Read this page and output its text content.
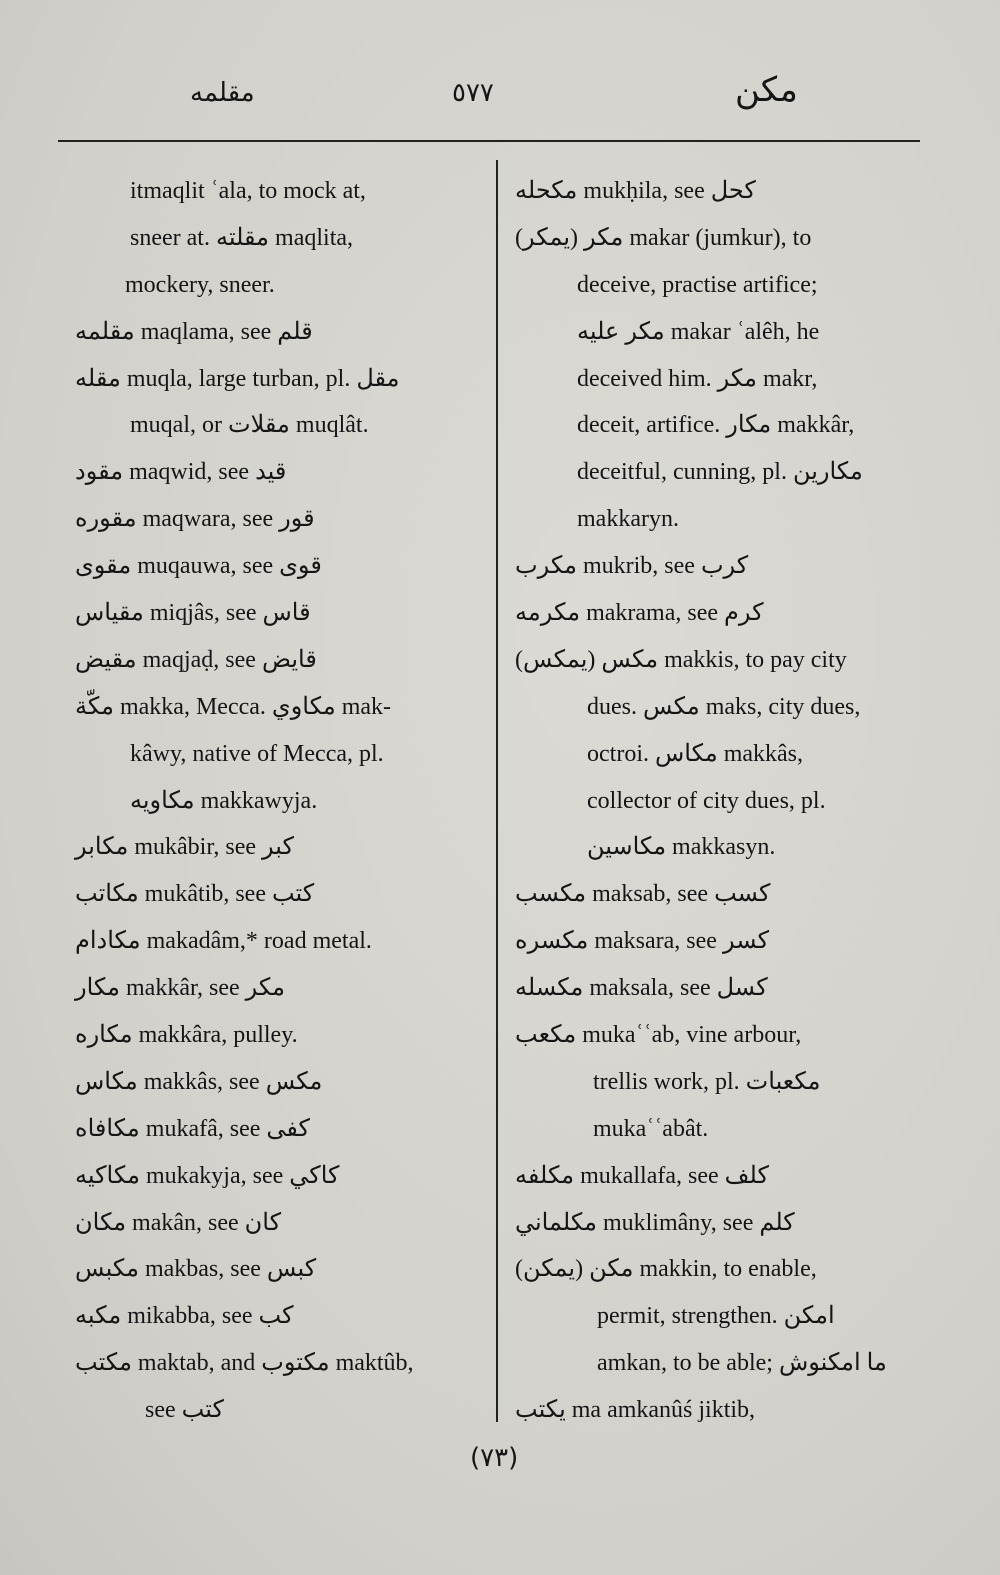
مقلمه	٥٧٧	مكن
itmaqlit ʿala, to mock at,
sneer at. مقلته maqlita,
mockery, sneer.
مقلمه maqlama, see قلم
مقله muqla, large turban, pl. مقل
muqal, or مقلات muqlât.
مقود maqwid, see قيد
مقوره maqwara, see قور
مقوى muqauwa, see قوى
مقياس miqjâs, see قاس
مقيض maqjaḍ, see قايض
مكّة makka, Mecca. مكاوي mak-
kâwy, native of Mecca, pl.
مكاويه makkawyja.
مكابر mukâbir, see كبر
مكاتب mukâtib, see كتب
مكادام makadâm,* road metal.
مكار makkâr, see مكر
مكاره makkâra, pulley.
مكاس makkâs, see مكس
مكافاه mukafâ, see كفى
مكاكيه mukakyja, see كاكي
مكان makân, see كان
مكبس makbas, see كبس
مكبه mikabba, see كب
مكتب maktab, and مكتوب maktûb,
see كتب
مكحله mukḥila, see كحل
مكر (يمكر) makar (jumkur), to
deceive, practise artifice;
مكر عليه makar ʿalêh, he
deceived him. مكر makr,
deceit, artifice. مكار makkâr,
deceitful, cunning, pl. مكارين
makkaryn.
مكرب mukrib, see كرب
مكرمه makrama, see كرم
مكس (يمكس) makkis, to pay city
dues. مكس maks, city dues,
octroi. مكاس makkâs,
collector of city dues, pl.
مكاسين makkasyn.
مكسب maksab, see كسب
مكسره maksara, see كسر
مكسله maksala, see كسل
مكعب mukaʿʿab, vine arbour,
trellis work, pl. مكعبات
mukaʿʿabât.
مكلفه mukallafa, see كلف
مكلماني muklimâny, see كلم
مكن (يمكن) makkin, to enable,
permit, strengthen. امكن
amkan, to be able; ما امكنوش
يكتب ma amkanûś jiktib,
(٧٣)
